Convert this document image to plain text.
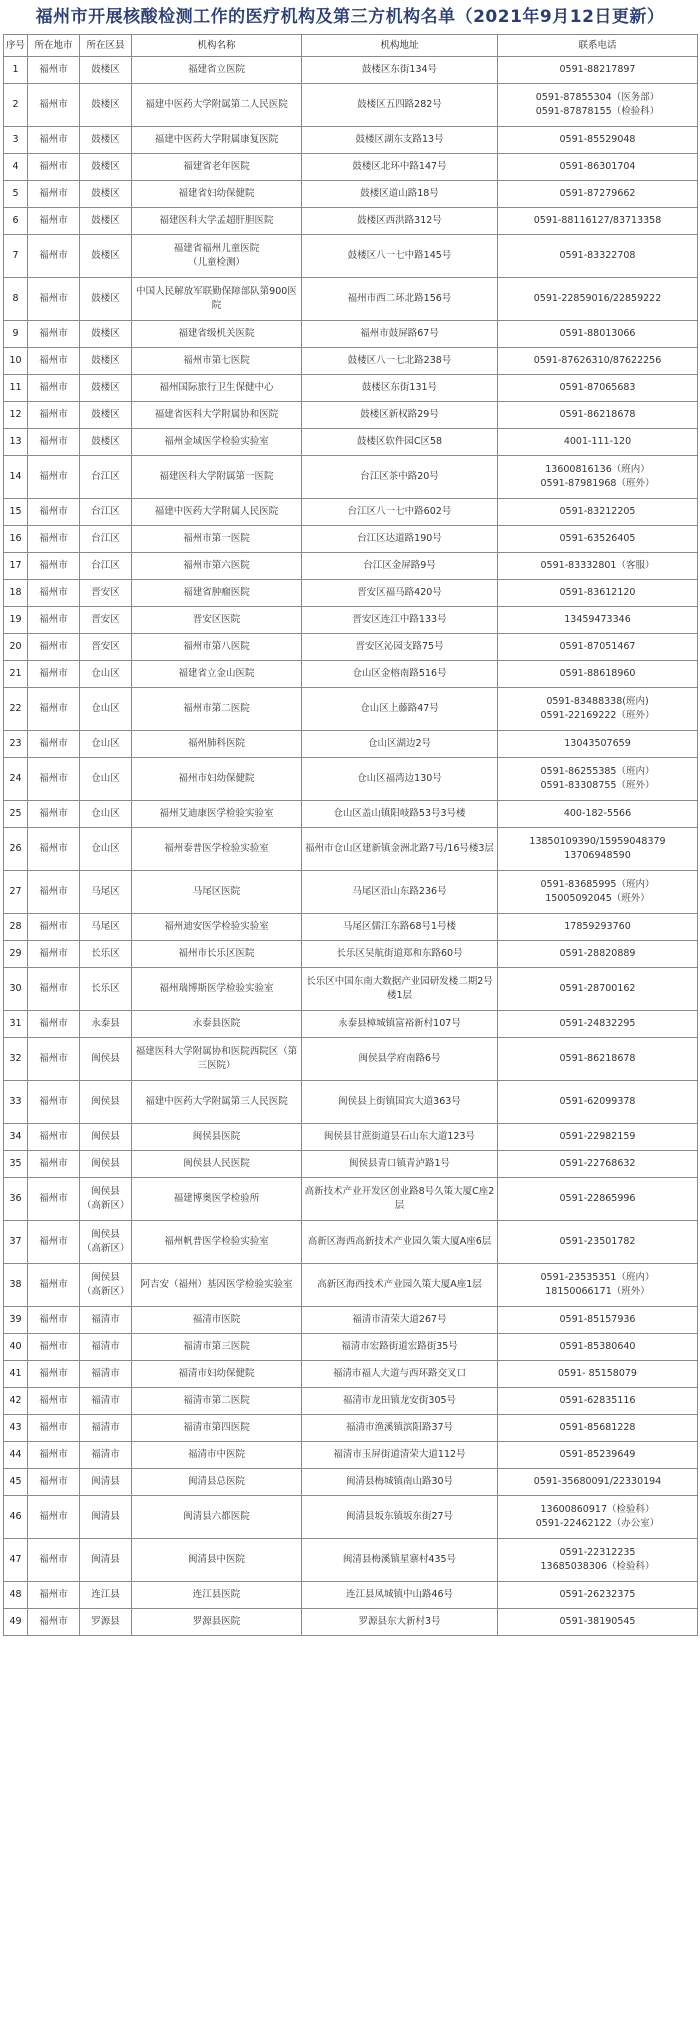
福州市开展核酸检测工作的医疗机构及第三方机构名单（2021年9月12日更新）
序号	所在地市	所在区县	机构名称	机构地址	联系电话
1	福州市	鼓楼区	福建省立医院	鼓楼区东街134号	0591-88217897
2	福州市	鼓楼区	福建中医药大学附属第二人民医院	鼓楼区五四路282号	0591-87855304（医务部）
0591-87878155（检验科）
3	福州市	鼓楼区	福建中医药大学附属康复医院	鼓楼区湖东支路13号	0591-85529048
4	福州市	鼓楼区	福建省老年医院	鼓楼区北环中路147号	0591-86301704
5	福州市	鼓楼区	福建省妇幼保健院	鼓楼区道山路18号	0591-87279662
6	福州市	鼓楼区	福建医科大学孟超肝胆医院	鼓楼区西洪路312号	0591-88116127/83713358
7	福州市	鼓楼区	福建省福州儿童医院
（儿童检测）	鼓楼区八一七中路145号	0591-83322708
8	福州市	鼓楼区	中国人民解放军联勤保障部队第900医院	福州市西二环北路156号	0591-22859016/22859222
9	福州市	鼓楼区	福建省级机关医院	福州市鼓屏路67号	0591-88013066
10	福州市	鼓楼区	福州市第七医院	鼓楼区八一七北路238号	0591-87626310/87622256
11	福州市	鼓楼区	福州国际旅行卫生保健中心	鼓楼区东街131号	0591-87065683
12	福州市	鼓楼区	福建省医科大学附属协和医院	鼓楼区新权路29号	0591-86218678
13	福州市	鼓楼区	福州金域医学检验实验室	鼓楼区软件园C区58	4001-111-120
14	福州市	台江区	福建医科大学附属第一医院	台江区茶中路20号	13600816136（班内）
0591-87981968（班外）
15	福州市	台江区	福建中医药大学附属人民医院	台江区八一七中路602号	0591-83212205
16	福州市	台江区	福州市第一医院	台江区达道路190号	0591-63526405
17	福州市	台江区	福州市第六医院	台江区金屏路9号	0591-83332801（客服）
18	福州市	晋安区	福建省肿瘤医院	晋安区福马路420号	0591-83612120
19	福州市	晋安区	晋安区医院	晋安区连江中路133号	13459473346
20	福州市	晋安区	福州市第八医院	晋安区沁园支路75号	0591-87051467
21	福州市	仓山区	福建省立金山医院	仓山区金榕南路516号	0591-88618960
22	福州市	仓山区	福州市第二医院	仓山区上藤路47号	0591-83488338(班内)
0591-22169222（班外）
23	福州市	仓山区	福州肺科医院	仓山区湖边2号	13043507659
24	福州市	仓山区	福州市妇幼保健院	仓山区福湾边130号	0591-86255385（班内）
0591-83308755（班外）
25	福州市	仓山区	福州艾迪康医学检验实验室	仓山区盖山镇阳岐路53号3号楼	400-182-5566
26	福州市	仓山区	福州泰普医学检验实验室	福州市仓山区建新镇金洲北路7号/16号楼3层	13850109390/15959048379
13706948590
27	福州市	马尾区	马尾区医院	马尾区沿山东路236号	0591-83685995（班内）
15005092045（班外）
28	福州市	马尾区	福州迪安医学检验实验室	马尾区儒江东路68号1号楼	17859293760
29	福州市	长乐区	福州市长乐区医院	长乐区吴航街道郑和东路60号	0591-28820889
30	福州市	长乐区	福州瑞博斯医学检验实验室	长乐区中国东南大数据产业园研发楼二期2号楼1层	0591-28700162
31	福州市	永泰县	永泰县医院	永泰县樟城镇富裕新村107号	0591-24832295
32	福州市	闽侯县	福建医科大学附属协和医院西院区（第三医院）	闽侯县学府南路6号	0591-86218678
33	福州市	闽侯县	福建中医药大学附属第三人民医院	闽侯县上街镇国宾大道363号	0591-62099378
34	福州市	闽侯县	闽侯县医院	闽侯县甘蔗街道昙石山东大道123号	0591-22982159
35	福州市	闽侯县	闽侯县人民医院	闽侯县青口镇青泸路1号	0591-22768632
36	福州市	闽侯县
（高新区）	福建博奥医学检验所	高新技术产业开发区创业路8号久策大厦C座2层	0591-22865996
37	福州市	闽侯县
（高新区）	福州帆普医学检验实验室	高新区海西高新技术产业园久策大厦A座6层	0591-23501782
38	福州市	闽侯县
（高新区）	阿吉安（福州）基因医学检验实验室	高新区海西技术产业园久策大厦A座1层	0591-23535351（班内）
18150066171（班外）
39	福州市	福清市	福清市医院	福清市清荣大道267号	0591-85157936
40	福州市	福清市	福清市第三医院	福清市宏路街道宏路街35号	0591-85380640
41	福州市	福清市	福清市妇幼保健院	福清市福人大道与西环路交叉口	0591- 85158079
42	福州市	福清市	福清市第二医院	福清市龙田镇龙安街305号	0591-62835116
43	福州市	福清市	福清市第四医院	福清市渔溪镇滨阳路37号	0591-85681228
44	福州市	福清市	福清市中医院	福清市玉屏街道清荣大道112号	0591-85239649
45	福州市	闽清县	闽清县总医院	闽清县梅城镇南山路30号	0591-35680091/22330194
46	福州市	闽清县	闽清县六都医院	闽清县坂东镇坂东街27号	13600860917（检验科）
0591-22462122（办公室）
47	福州市	闽清县	闽清县中医院	闽清县梅溪镇星寨村435号	0591-22312235
13685038306（检验科）
48	福州市	连江县	连江县医院	连江县凤城镇中山路46号	0591-26232375
49	福州市	罗源县	罗源县医院	罗源县东大新村3号	0591-38190545
